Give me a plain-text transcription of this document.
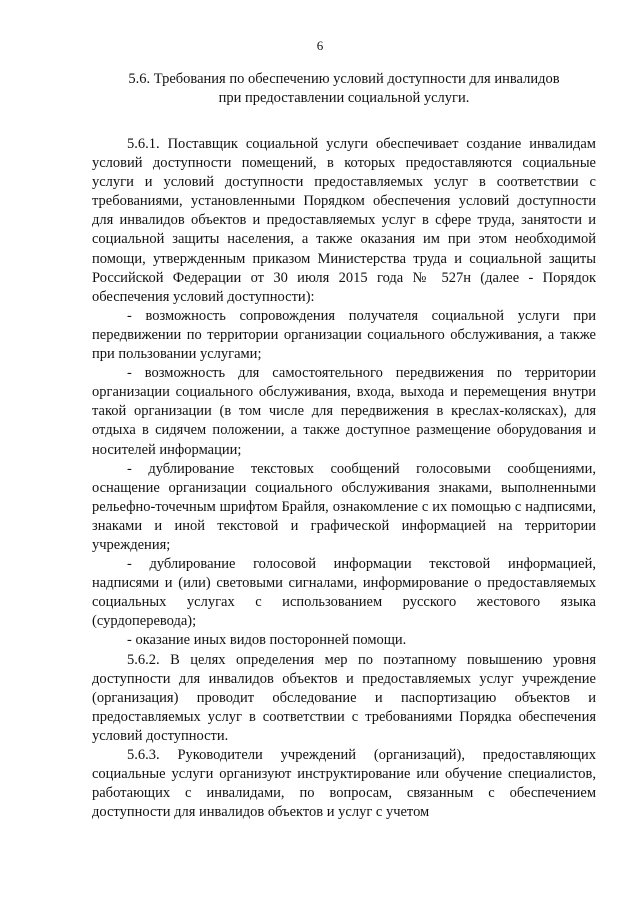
6
5.6. Требования по обеспечению условий доступности для инвалидов
при предоставлении социальной услуги.

5.6.1. Поставщик социальной услуги обеспечивает создание инвалидам условий доступности помещений, в которых предоставляются социальные услуги и условий доступности предоставляемых услуг в соответствии с требованиями, установленными Порядком обеспечения условий доступности для инвалидов объектов и предоставляемых услуг в сфере труда, занятости и социальной защиты населения, а также оказания им при этом необходимой помощи, утвержденным приказом Министерства труда и социальной защиты Российской Федерации от 30 июля 2015 года № 527н (далее - Порядок обеспечения условий доступности):

- возможность сопровождения получателя социальной услуги при передвижении по территории организации социального обслуживания, а также при пользовании услугами;

- возможность для самостоятельного передвижения по территории организации социального обслуживания, входа, выхода и перемещения внутри такой организации (в том числе для передвижения в креслах-колясках), для отдыха в сидячем положении, а также доступное размещение оборудования и носителей информации;

- дублирование текстовых сообщений голосовыми сообщениями, оснащение организации социального обслуживания знаками, выполненными рельефно-точечным шрифтом Брайля, ознакомление с их помощью с надписями, знаками и иной текстовой и графической информацией на территории учреждения;

- дублирование голосовой информации текстовой информацией, надписями и (или) световыми сигналами, информирование о предоставляемых социальных услугах с использованием русского жестового языка (сурдоперевода);

- оказание иных видов посторонней помощи.

5.6.2. В целях определения мер по поэтапному повышению уровня доступности для инвалидов объектов и предоставляемых услуг учреждение (организация) проводит обследование и паспортизацию объектов и предоставляемых услуг в соответствии с требованиями Порядка обеспечения условий доступности.

5.6.3. Руководители учреждений (организаций), предоставляющих социальные услуги организуют инструктирование или обучение специалистов, работающих с инвалидами, по вопросам, связанным с обеспечением доступности для инвалидов объектов и услуг с учетом
